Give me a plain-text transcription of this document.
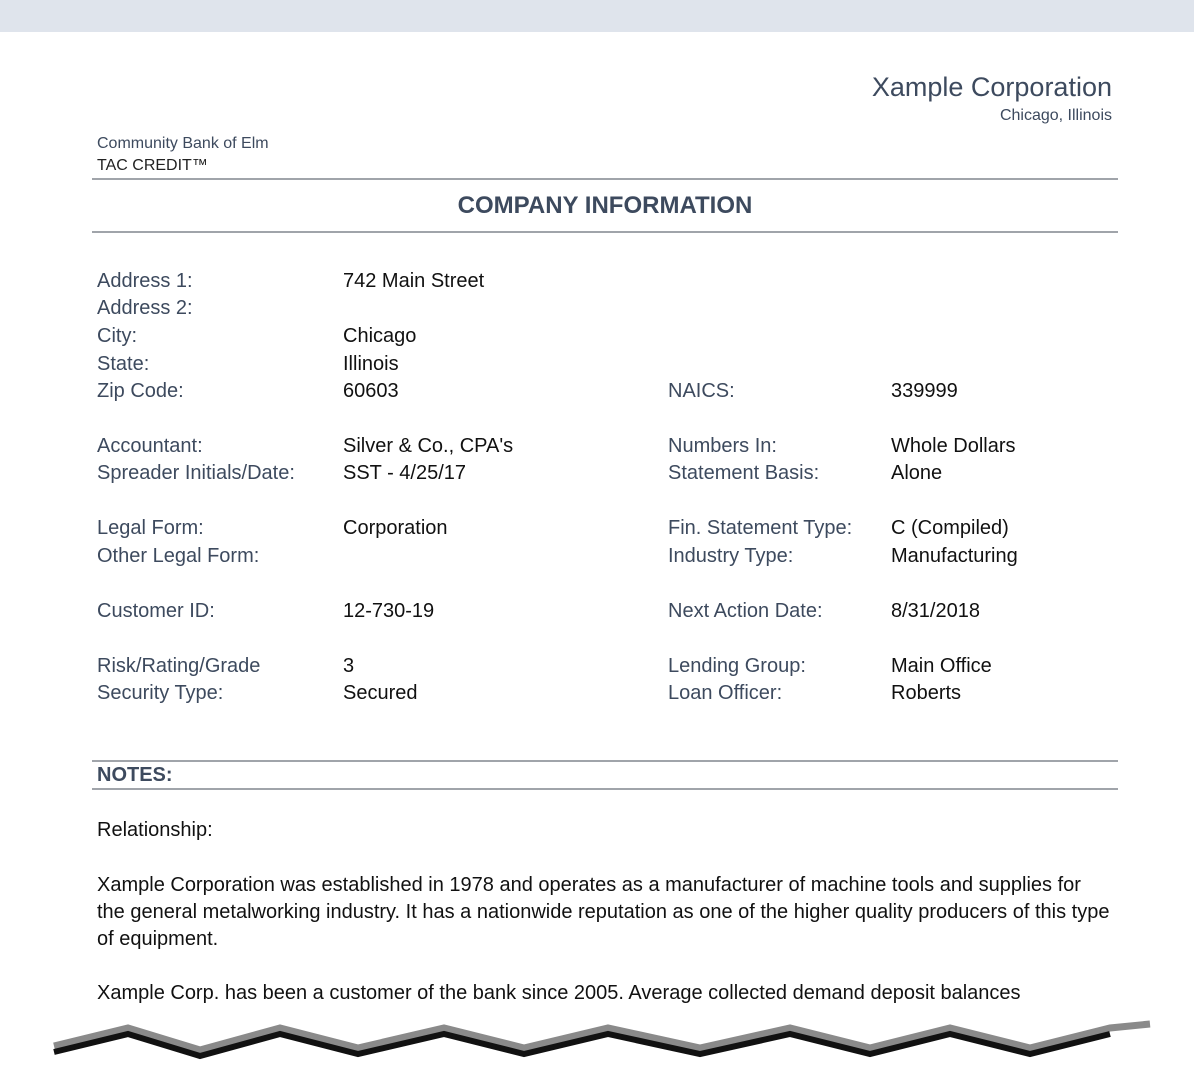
Xample Corporation
Chicago, Illinois
Community Bank of Elm
TAC CREDIT™
COMPANY INFORMATION
Address 1:	742 Main Street
Address 2:
City:	Chicago
State:	Illinois
Zip Code:	60603	NAICS:	339999
Accountant:	Silver & Co., CPA's	Numbers In:	Whole Dollars
Spreader Initials/Date: SST - 4/25/17	Statement Basis:	Alone
Legal Form:	Corporation	Fin. Statement Type: C (Compiled)
Other Legal Form:	Industry Type:	Manufacturing
Customer ID:	12-730-19	Next Action Date:	8/31/2018
Risk/Rating/Grade	3	Lending Group:	Main Office
Security Type:	Secured	Loan Officer:	Roberts
NOTES:
Relationship:
Xample Corporation was established in 1978 and operates as a manufacturer of machine tools and supplies for the general metalworking industry. It has a nationwide reputation as one of the higher quality producers of this type of equipment.
Xample Corp. has been a customer of the bank since 2005. Average collected demand deposit balances
